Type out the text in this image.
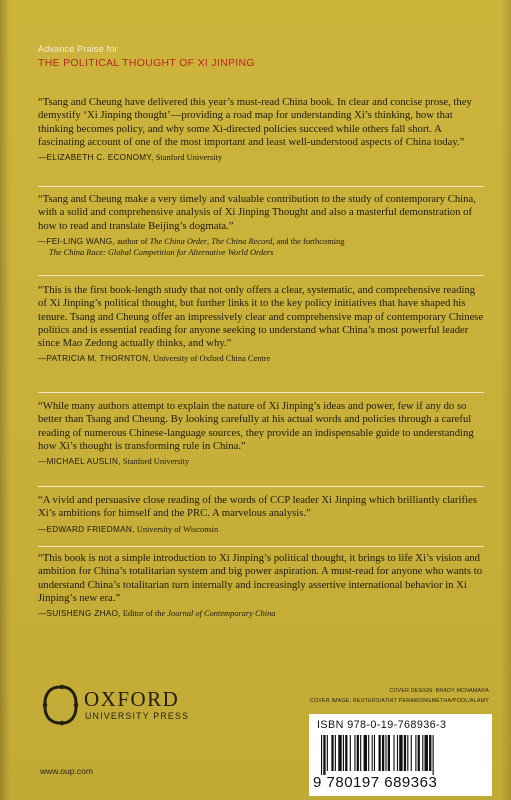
Advance Praise for

THE POLITICAL THOUGHT OF XI JINPING

“Tsang and Cheung have delivered this year’s must-read China book. In clear and concise prose, they demystify ‘Xi Jinping thought’—providing a road map for understanding Xi’s thinking, how that thinking becomes policy, and why some Xi-directed policies succeed while others fall short. A fascinating account of one of the most important and least well-understood aspects of China today.”

—ELIZABETH C. ECONOMY, Stanford University

“Tsang and Cheung make a very timely and valuable contribution to the study of contemporary China, with a solid and comprehensive analysis of Xi Jinping Thought and also a masterful demonstration of how to read and translate Beijing’s dogmata.”

—FEI-LING WANG, author of The China Order, The China Record, and the forthcoming
The China Race: Global Competition for Alternative World Orders

“This is the first book-length study that not only offers a clear, systematic, and comprehensive reading of Xi Jinping’s political thought, but further links it to the key policy initiatives that have shaped his tenure. Tsang and Cheung offer an impressively clear and comprehensive map of contemporary Chinese politics and is essential reading for anyone seeking to understand what China’s most powerful leader since Mao Zedong actually thinks, and why.”

—PATRICIA M. THORNTON, University of Oxford China Centre

“While many authors attempt to explain the nature of Xi Jinping’s ideas and power, few if any do so better than Tsang and Cheung. By looking carefully at his actual words and policies through a careful reading of numerous Chinese-language sources, they provide an indispensable guide to understanding how Xi’s thought is transforming rule in China.”

—MICHAEL AUSLIN, Stanford University

“A vivid and persuasive close reading of the words of CCP leader Xi Jinping which brilliantly clarifies Xi’s ambitions for himself and the PRC. A marvelous analysis.”

—EDWARD FRIEDMAN, University of Wisconsin

“This book is not a simple introduction to Xi Jinping’s political thought, it brings to life Xi’s vision and ambition for China’s totalitarian system and big power aspiration. A must-read for anyone who wants to understand China’s totalitarian turn internally and increasingly assertive international behavior in Xi Jinping’s new era.”

—SUISHENG ZHAO, Editor of the Journal of Contemporary China

COVER DESIGN: BRADY MCNAMARA

COVER IMAGE: REUTERS/ATHIT PERAWONGMETHA/POOL/ALAMY

OXFORD
UNIVERSITY PRESS
www.oup.com
ISBN 978-0-19-768936-3
9 780197 689363
